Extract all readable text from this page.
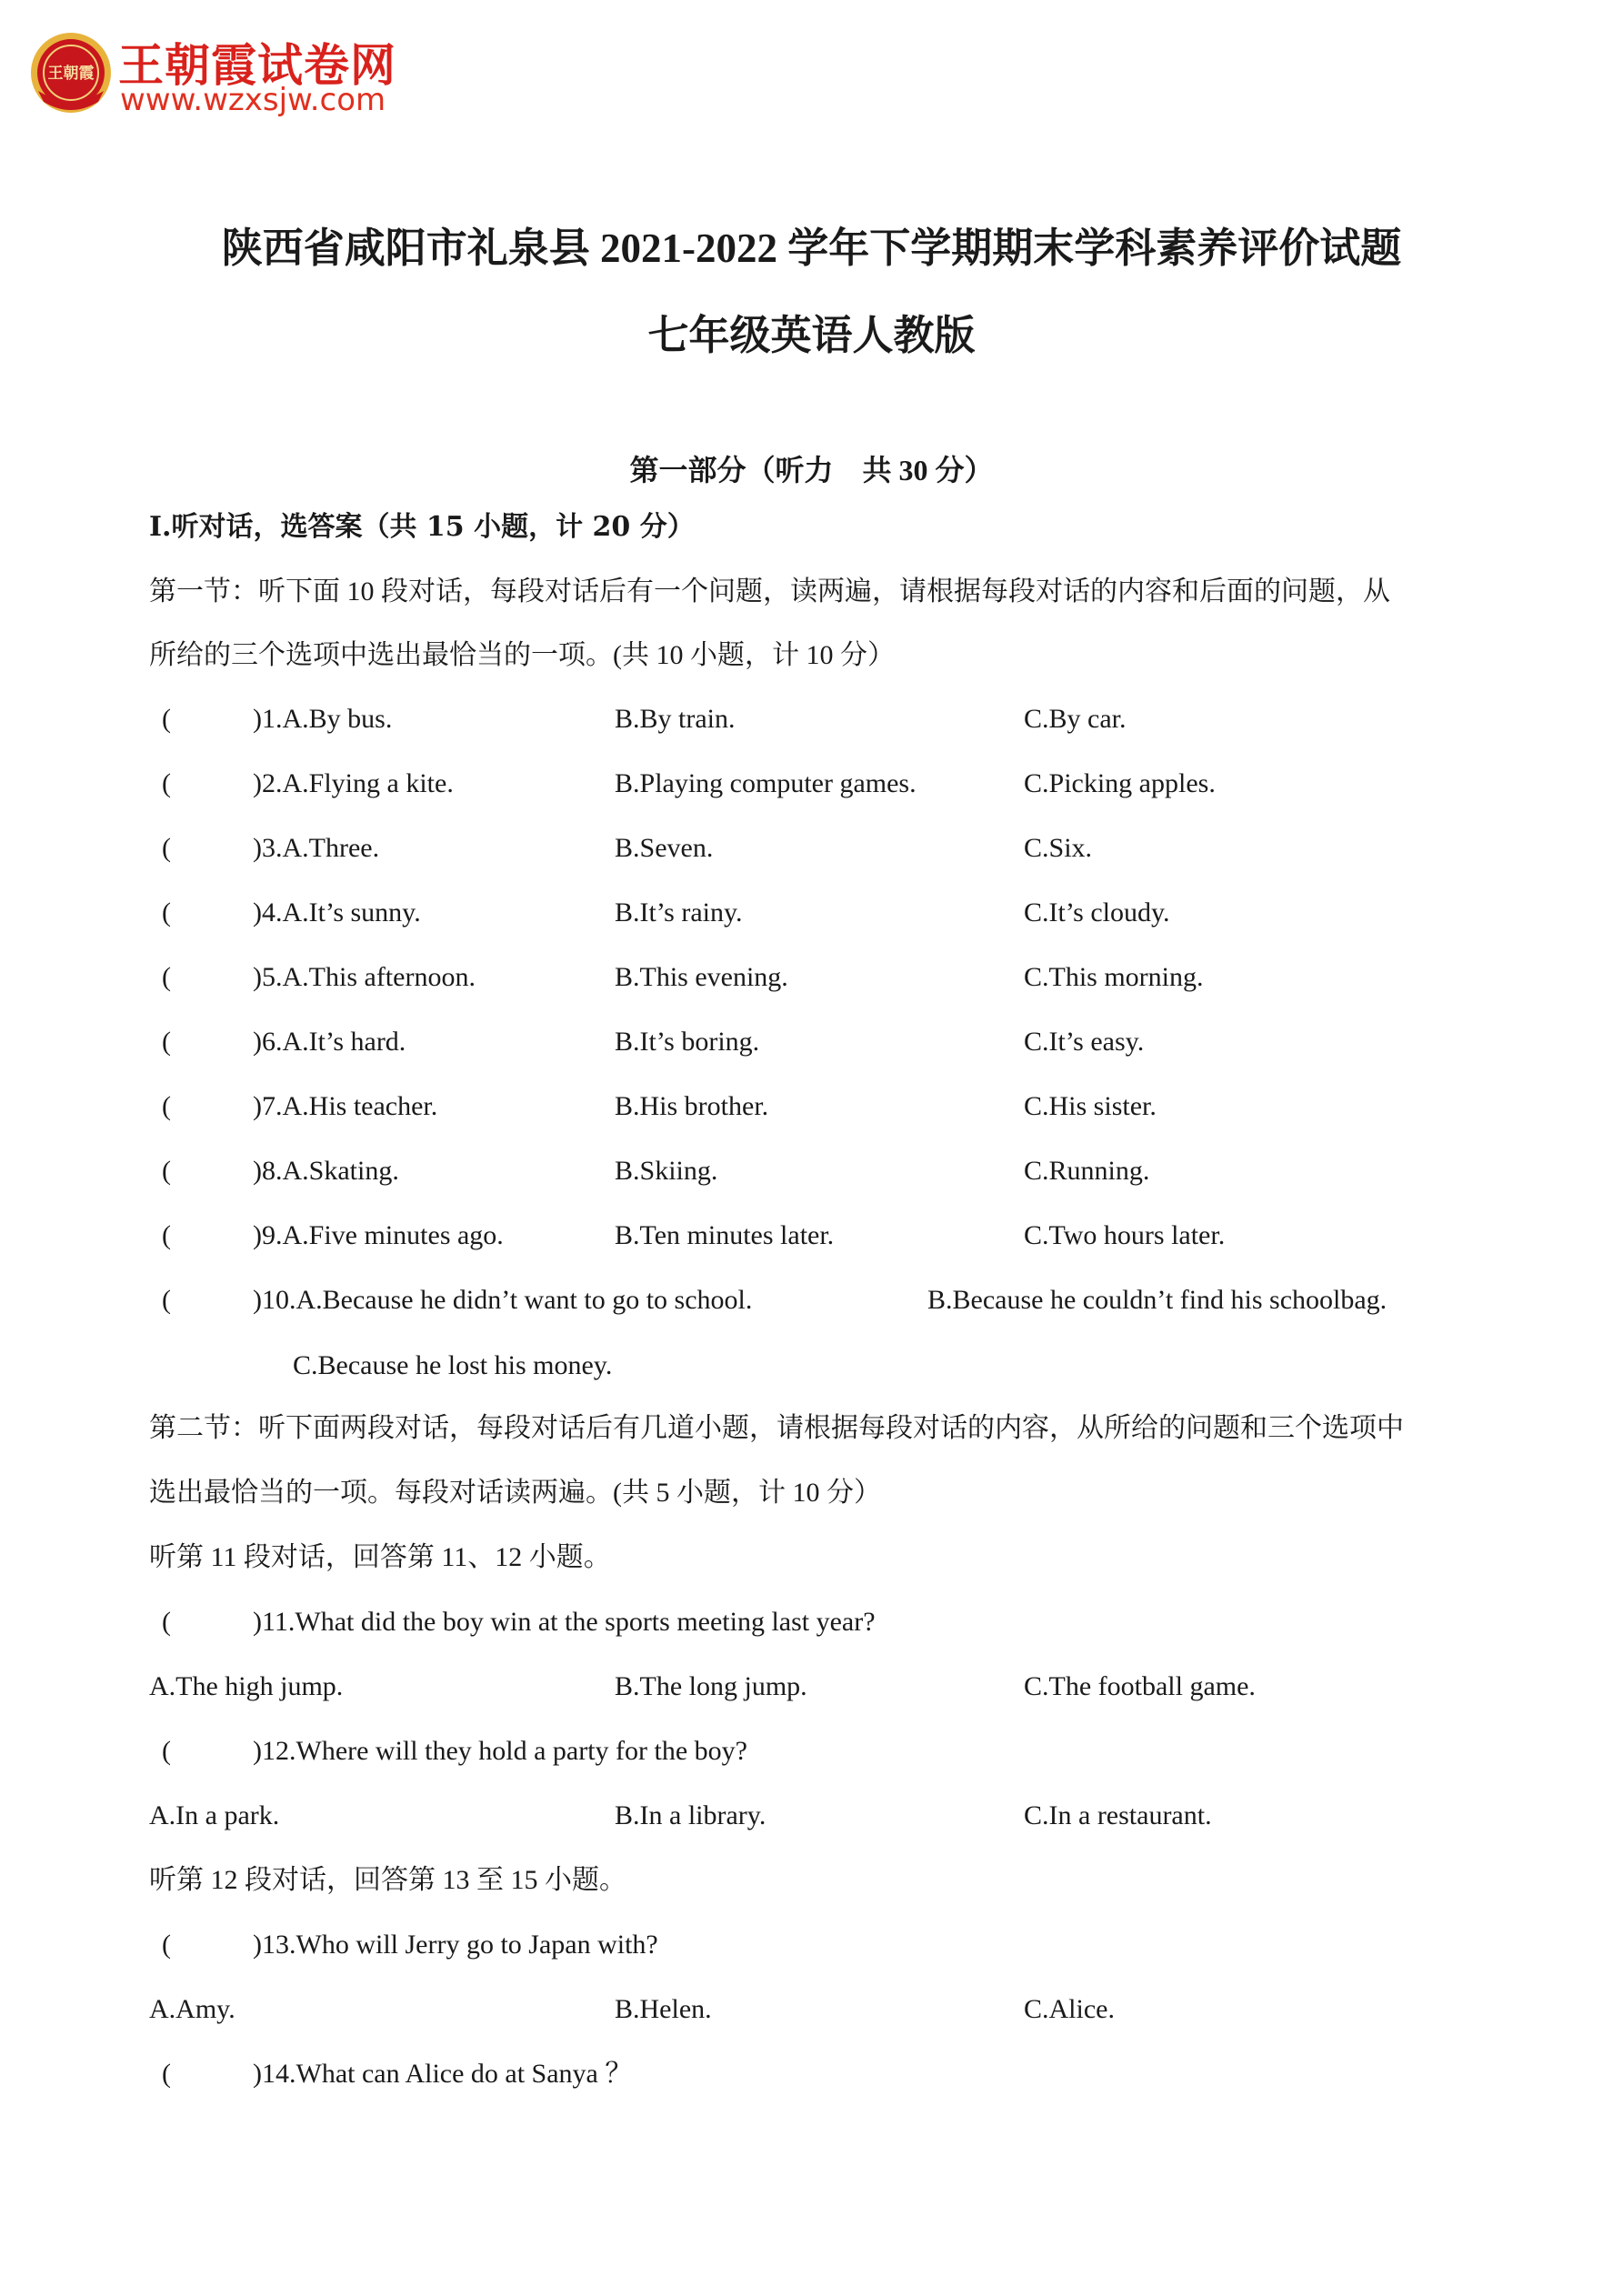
王朝霞 王朝霞试卷网
www.wzxsjw.com
陕西省咸阳市礼泉县 2021-2022 学年下学期期末学科素养评价试题
七年级英语人教版
第一部分（听力　共 30 分）
I.听对话，选答案（共 15 小题，计 20 分）
第一节：听下面 10 段对话，每段对话后有一个问题，读两遍，请根据每段对话的内容和后面的问题，从
所给的三个选项中选出最恰当的一项。(共 10 小题，计 10 分）
(　　　) 1.A.By bus.	B.By train.	C.By car.
(　　　) 2.A.Flying a kite.	B.Playing computer games.	C.Picking apples.
(　　　) 3.A.Three.	B.Seven.	C.Six.
(　　　) 4.A.It’s sunny.	B.It’s rainy.	C.It’s cloudy.
(　　　) 5.A.This afternoon.	B.This evening.	C.This morning.
(　　　) 6.A.It’s hard.	B.It’s boring.	C.It’s easy.
(　　　) 7.A.His teacher.	B.His brother.	C.His sister.
(　　　) 8.A.Skating.	B.Skiing.	C.Running.
(　　　) 9.A.Five minutes ago.	B.Ten minutes later.	C.Two hours later.
(　　　) 10.A.Because he didn’t want to go to school.	B.Because he couldn’t find his schoolbag.
C.Because he lost his money.
第二节：听下面两段对话，每段对话后有几道小题，请根据每段对话的内容，从所给的问题和三个选项中
选出最恰当的一项。每段对话读两遍。(共 5 小题，计 10 分）
听第 11 段对话，回答第 11、12 小题。
(　　　) 11.What did the boy win at the sports meeting last year?
A.The high jump.	B.The long jump.	C.The football game.
(　　　) 12.Where will they hold a party for the boy?
A.In a park.	B.In a library.	C.In a restaurant.
听第 12 段对话，回答第 13 至 15 小题。
(　　　) 13.Who will Jerry go to Japan with?
A.Amy.	B.Helen.	C.Alice.
(　　　) 14.What can Alice do at Sanya ？
